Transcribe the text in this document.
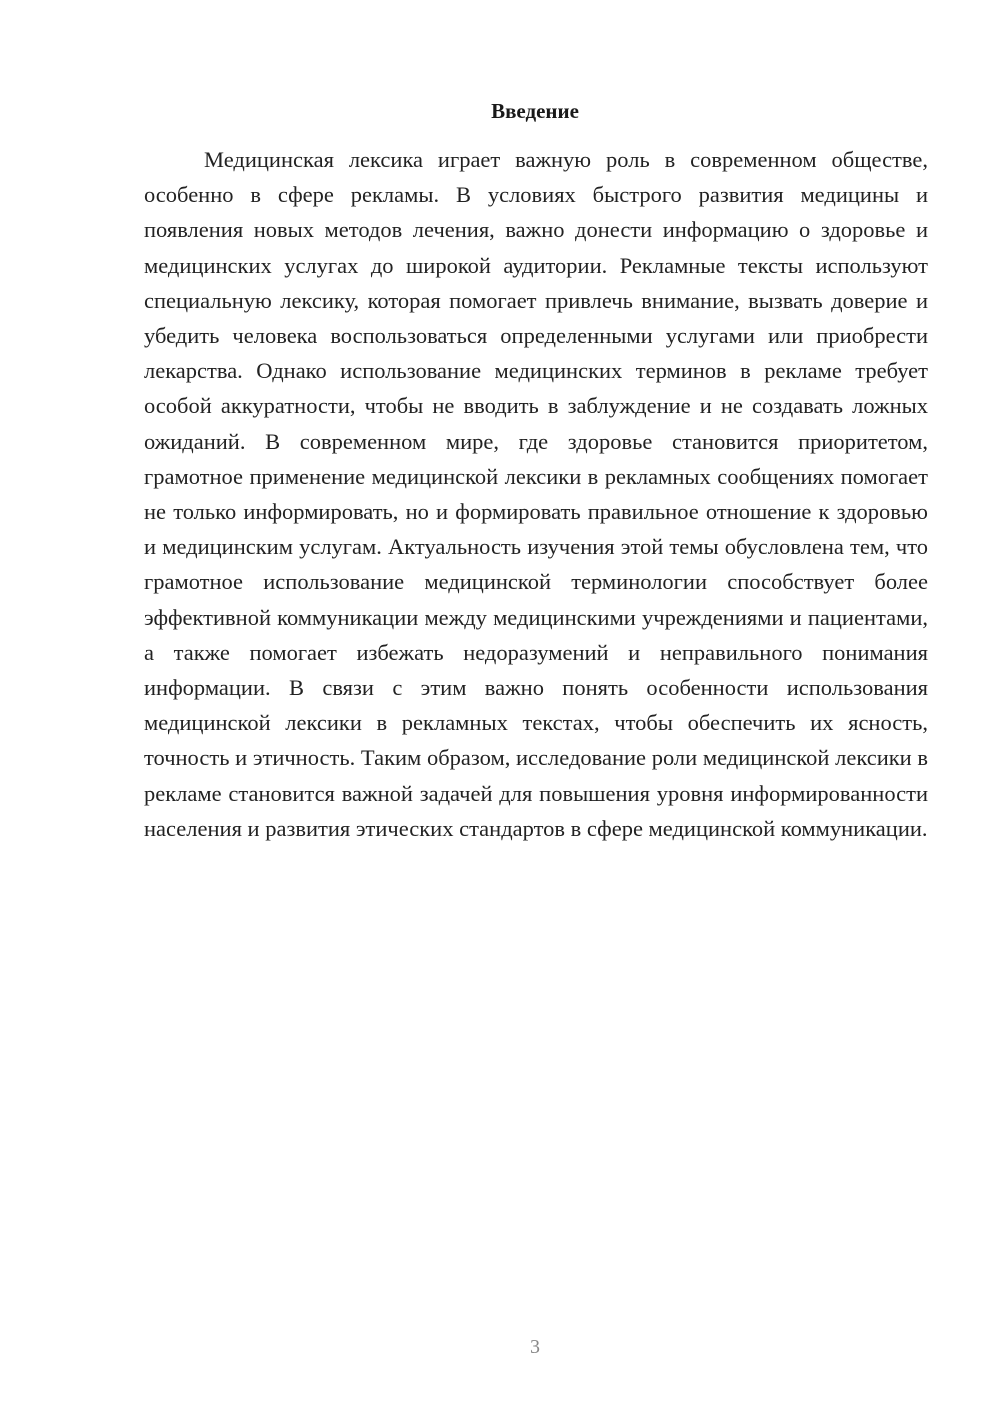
Введение

Медицинская лексика играет важную роль в современном обществе, особенно в сфере рекламы. В условиях быстрого развития медицины и появления новых методов лечения, важно донести информацию о здоровье и медицинских услугах до широкой аудитории. Рекламные тексты используют специальную лексику, которая помогает привлечь внимание, вызвать доверие и убедить человека воспользоваться определенными услугами или приобрести лекарства. Однако использование медицинских терминов в рекламе требует особой аккуратности, чтобы не вводить в заблуждение и не создавать ложных ожиданий. В современном мире, где здоровье становится приоритетом, грамотное применение медицинской лексики в рекламных сообщениях помогает не только информировать, но и формировать правильное отношение к здоровью и медицинским услугам. Актуальность изучения этой темы обусловлена тем, что грамотное использование медицинской терминологии способствует более эффективной коммуникации между медицинскими учреждениями и пациентами, а также помогает избежать недоразумений и неправильного понимания информации. В связи с этим важно понять особенности использования медицинской лексики в рекламных текстах, чтобы обеспечить их ясность, точность и этичность. Таким образом, исследование роли медицинской лексики в рекламе становится важной задачей для повышения уровня информированности населения и развития этических стандартов в сфере медицинской коммуникации.

3
